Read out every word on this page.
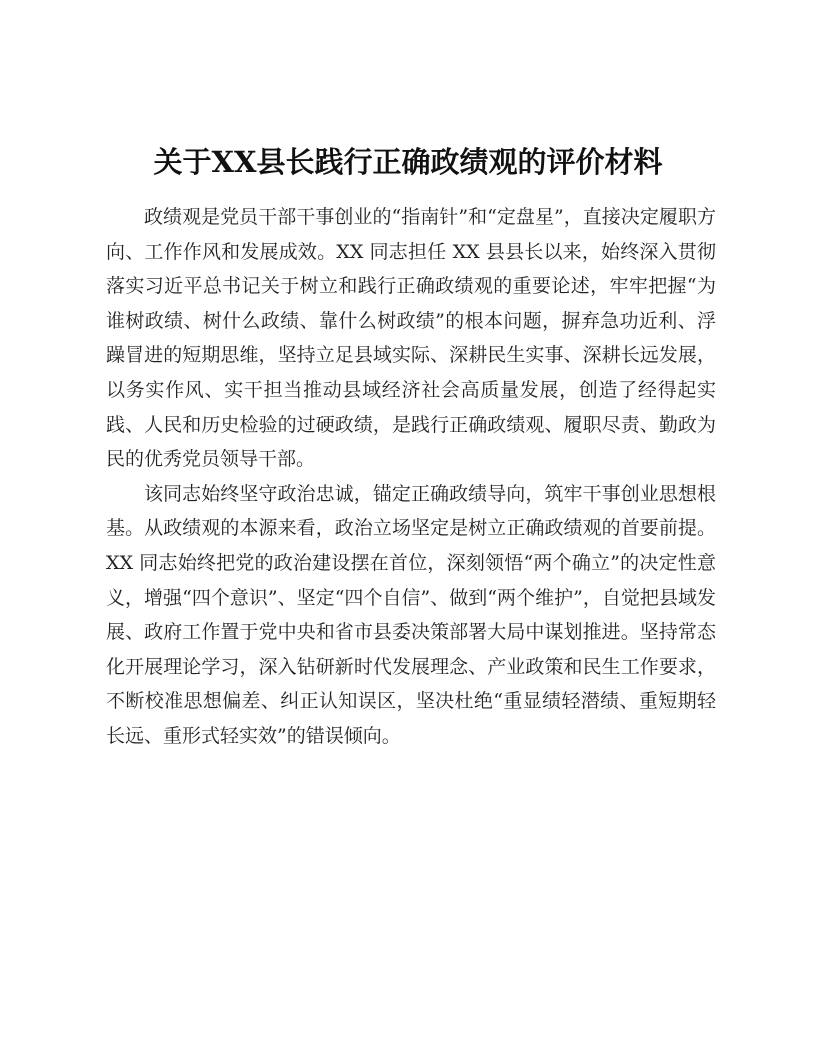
关于XX县长践行正确政绩观的评价材料

政绩观是党员干部干事创业的“指南针”和“定盘星”，直接决定履职方向、工作作风和发展成效。XX 同志担任 XX 县县长以来，始终深入贯彻落实习近平总书记关于树立和践行正确政绩观的重要论述，牢牢把握“为谁树政绩、树什么政绩、靠什么树政绩”的根本问题，摒弃急功近利、浮躁冒进的短期思维，坚持立足县域实际、深耕民生实事、深耕长远发展，以务实作风、实干担当推动县域经济社会高质量发展，创造了经得起实践、人民和历史检验的过硬政绩，是践行正确政绩观、履职尽责、勤政为民的优秀党员领导干部。

该同志始终坚守政治忠诚，锚定正确政绩导向，筑牢干事创业思想根基。从政绩观的本源来看，政治立场坚定是树立正确政绩观的首要前提。XX 同志始终把党的政治建设摆在首位，深刻领悟“两个确立”的决定性意义，增强“四个意识”、坚定“四个自信”、做到“两个维护”，自觉把县域发展、政府工作置于党中央和省市县委决策部署大局中谋划推进。坚持常态化开展理论学习，深入钻研新时代发展理念、产业政策和民生工作要求，不断校准思想偏差、纠正认知误区，坚决杜绝“重显绩轻潜绩、重短期轻长远、重形式轻实效”的错误倾向。
